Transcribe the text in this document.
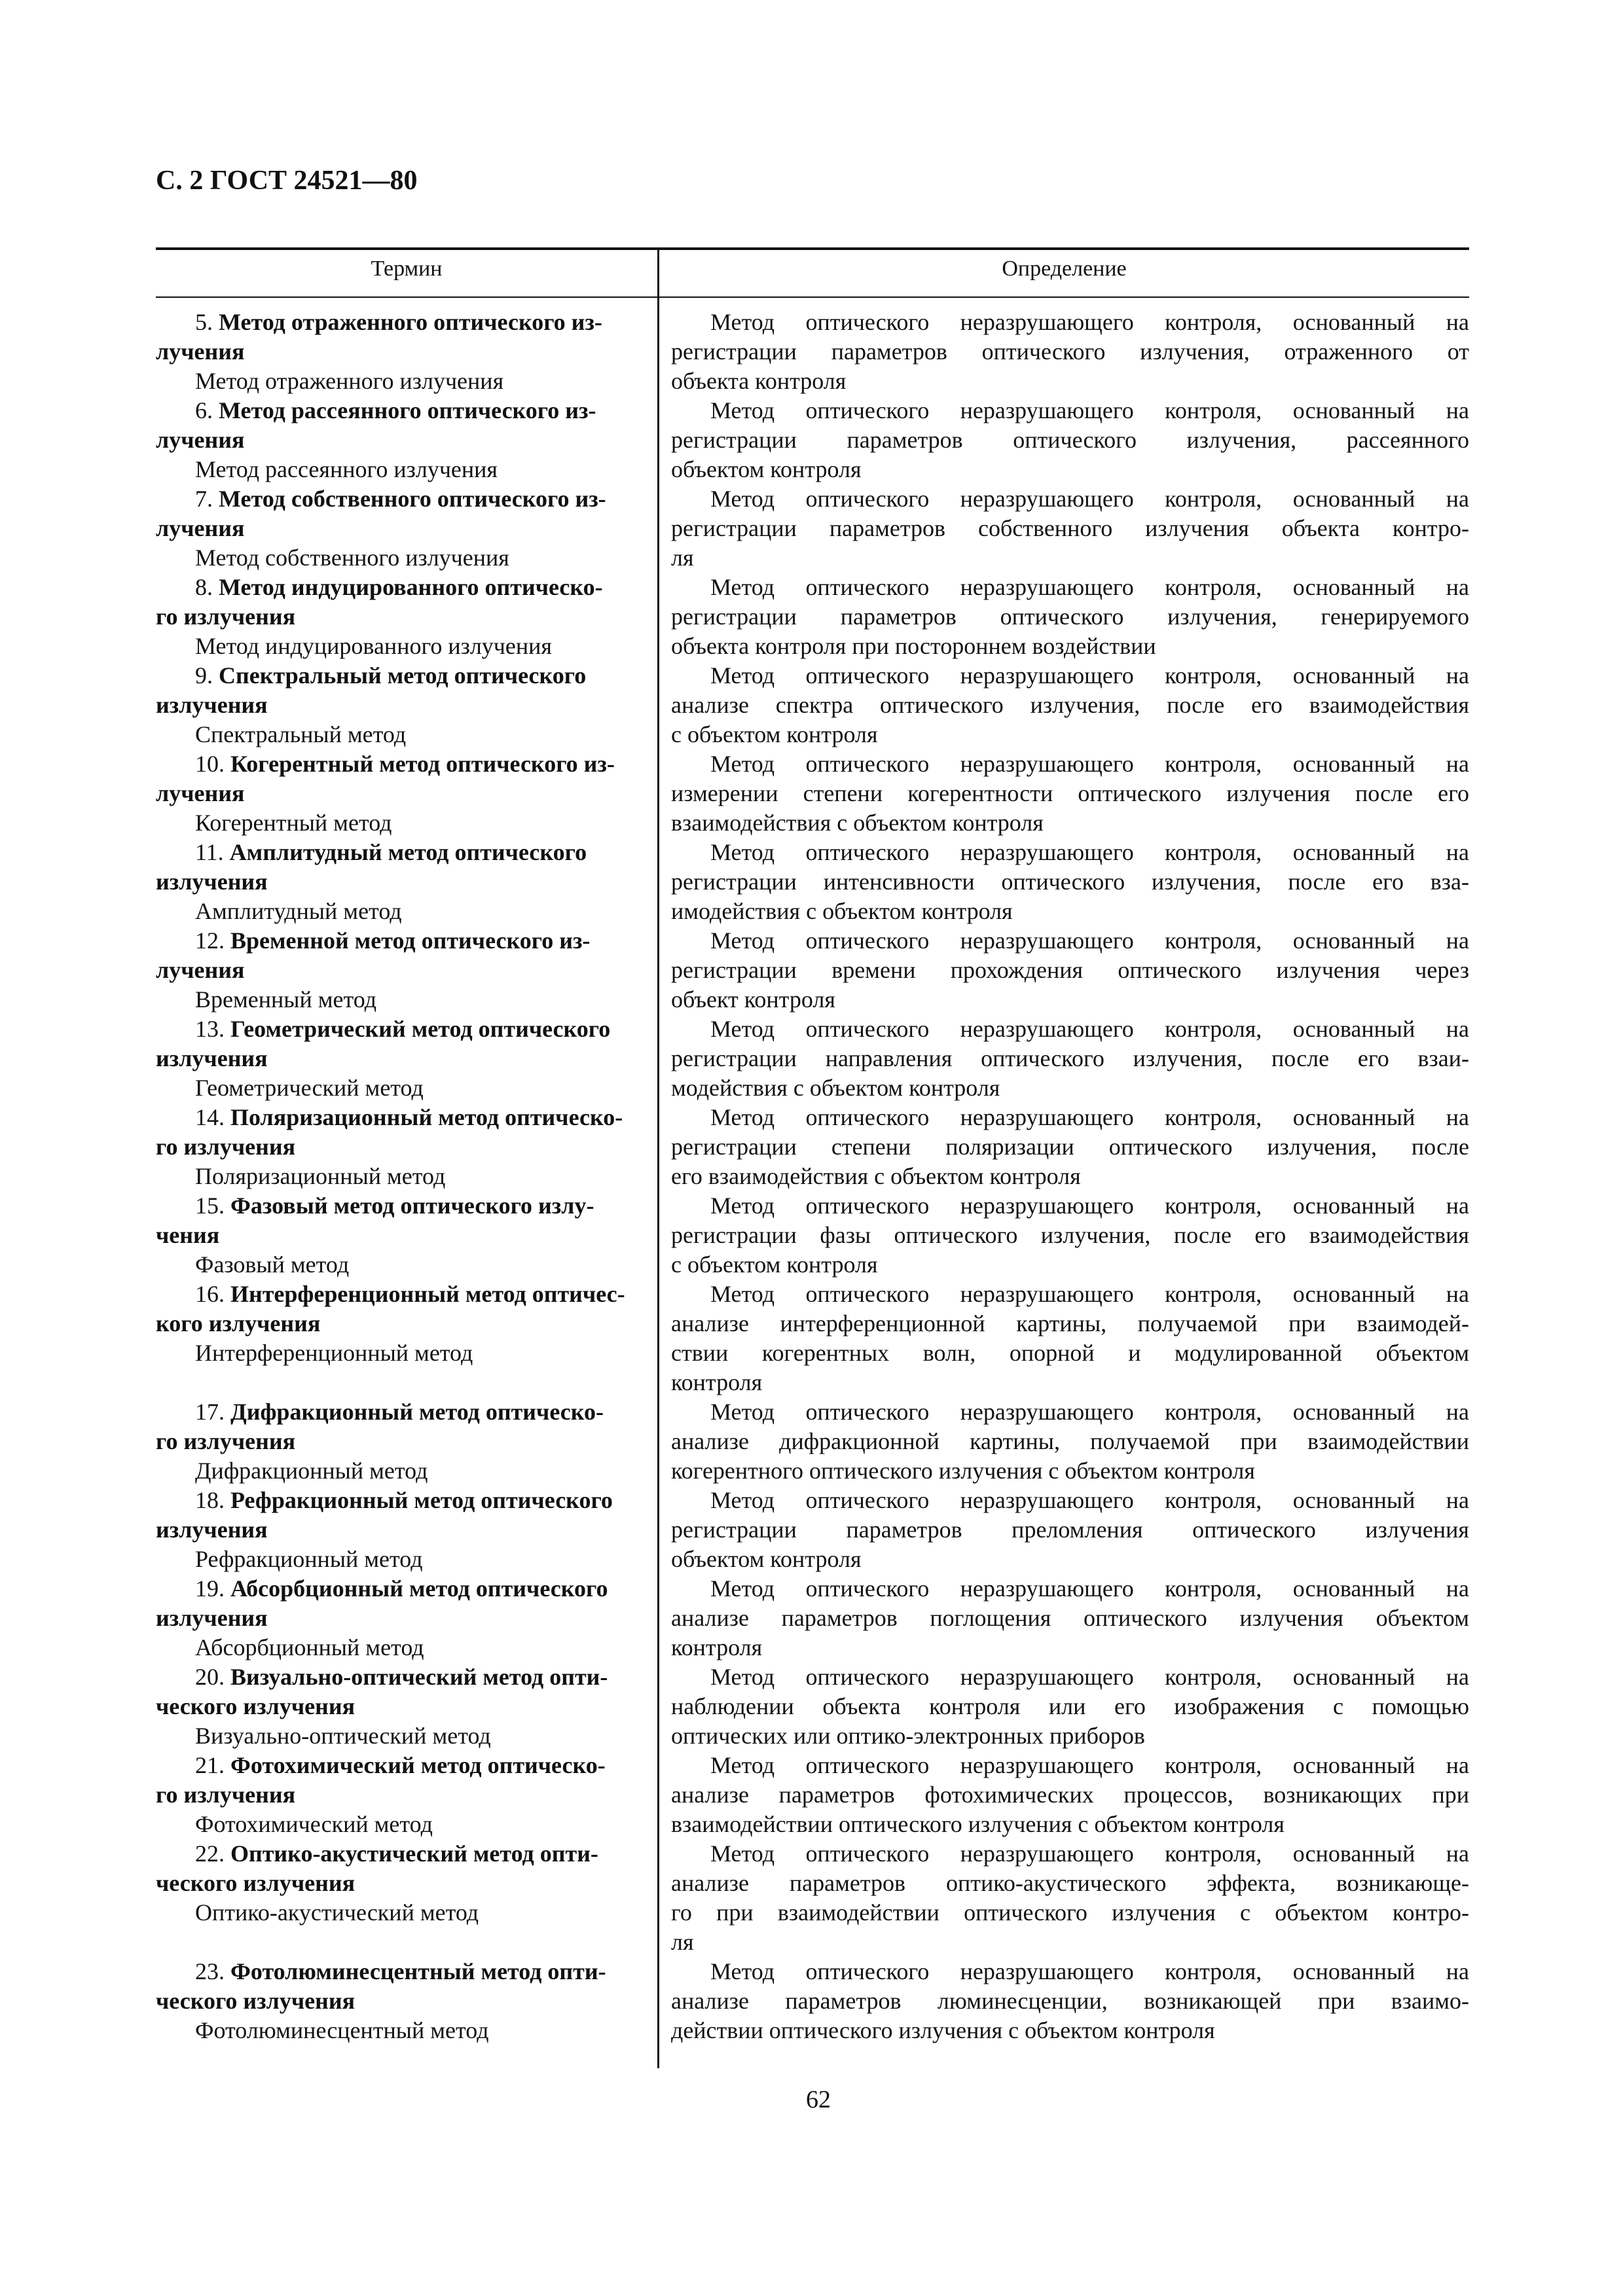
С. 2 ГОСТ 24521—80
Термин	Определение
5. Метод отраженного оптического из-
лучения
Метод отраженного излучения
Метод оптического неразрушающего контроля, основанный на
регистрации параметров оптического излучения, отраженного от
объекта контроля
6. Метод рассеянного оптического из-
лучения
Метод рассеянного излучения
Метод оптического неразрушающего контроля, основанный на
регистрации параметров оптического излучения, рассеянного
объектом контроля
7. Метод собственного оптического из-
лучения
Метод собственного излучения
Метод оптического неразрушающего контроля, основанный на
регистрации параметров собственного излучения объекта контро-
ля
8. Метод индуцированного оптическо-
го излучения
Метод индуцированного излучения
Метод оптического неразрушающего контроля, основанный на
регистрации параметров оптического излучения, генерируемого
объекта контроля при постороннем воздействии
9. Спектральный метод оптического
излучения
Спектральный метод
Метод оптического неразрушающего контроля, основанный на
анализе спектра оптического излучения, после его взаимодействия
с объектом контроля
10. Когерентный метод оптического из-
лучения
Когерентный метод
Метод оптического неразрушающего контроля, основанный на
измерении степени когерентности оптического излучения после его
взаимодействия с объектом контроля
11. Амплитудный метод оптического
излучения
Амплитудный метод
Метод оптического неразрушающего контроля, основанный на
регистрации интенсивности оптического излучения, после его вза-
имодействия с объектом контроля
12. Временной метод оптического из-
лучения
Временный метод
Метод оптического неразрушающего контроля, основанный на
регистрации времени прохождения оптического излучения через
объект контроля
13. Геометрический метод оптического
излучения
Геометрический метод
Метод оптического неразрушающего контроля, основанный на
регистрации направления оптического излучения, после его взаи-
модействия с объектом контроля
14. Поляризационный метод оптическо-
го излучения
Поляризационный метод
Метод оптического неразрушающего контроля, основанный на
регистрации степени поляризации оптического излучения, после
его взаимодействия с объектом контроля
15. Фазовый метод оптического излу-
чения
Фазовый метод
Метод оптического неразрушающего контроля, основанный на
регистрации фазы оптического излучения, после его взаимодействия
с объектом контроля
16. Интерференционный метод оптичес-
кого излучения
Интерференционный метод
Метод оптического неразрушающего контроля, основанный на
анализе интерференционной картины, получаемой при взаимодей-
ствии когерентных волн, опорной и модулированной объектом
контроля
17. Дифракционный метод оптическо-
го излучения
Дифракционный метод
Метод оптического неразрушающего контроля, основанный на
анализе дифракционной картины, получаемой при взаимодействии
когерентного оптического излучения с объектом контроля
18. Рефракционный метод оптического
излучения
Рефракционный метод
Метод оптического неразрушающего контроля, основанный на
регистрации параметров преломления оптического излучения
объектом контроля
19. Абсорбционный метод оптического
излучения
Абсорбционный метод
Метод оптического неразрушающего контроля, основанный на
анализе параметров поглощения оптического излучения объектом
контроля
20. Визуально-оптический метод опти-
ческого излучения
Визуально-оптический метод
Метод оптического неразрушающего контроля, основанный на
наблюдении объекта контроля или его изображения с помощью
оптических или оптико-электронных приборов
21. Фотохимический метод оптическо-
го излучения
Фотохимический метод
Метод оптического неразрушающего контроля, основанный на
анализе параметров фотохимических процессов, возникающих при
взаимодействии оптического излучения с объектом контроля
22. Оптико-акустический метод опти-
ческого излучения
Оптико-акустический метод
Метод оптического неразрушающего контроля, основанный на
анализе параметров оптико-акустического эффекта, возникающе-
го при взаимодействии оптического излучения с объектом контро-
ля
23. Фотолюминесцентный метод опти-
ческого излучения
Фотолюминесцентный метод
Метод оптического неразрушающего контроля, основанный на
анализе параметров люминесценции, возникающей при взаимо-
действии оптического излучения с объектом контроля
62
